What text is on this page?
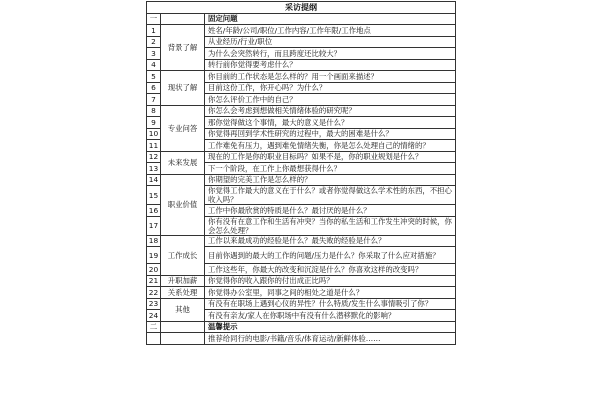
采访提纲		
一		固定问题
1	背景了解	姓名/年龄/公司/职位/工作内容/工作年限/工作地点
2		从业经历/行业/职位
3		为什么会突然转行，而且跨度还比较大？
4		转行前你觉得要考虑什么？
5	现状了解	你目前的工作状态是怎么样的？用一个画面来描述？
6		目前这份工作，你开心吗？为什么？
7		你怎么评价工作中的自己？
8	专业问答	你怎么会考虑到想做相关情绪体验的研究呢？
9		那你觉得做这个事情，最大的意义是什么？
10		你觉得再回到学术性研究的过程中，最大的困难是什么？
11		工作难免有压力，遇到难免情绪失衡，你是怎么处理自己的情绪的？
12	未来发展	现在的工作是你的职业目标吗？如果不是，你的职业规划是什么？
13		下一个阶段，在工作上你最想获得什么？
14	职业价值	你期望的完美工作是怎么样的？
15		你觉得工作最大的意义在于什么？或者你觉得做这么学术性的东西，不担心收入吗？
16		工作中你最欣赏的特质是什么？最讨厌的是什么？
17		你有没有在意工作和生活有冲突？当你的私生活和工作发生冲突的时候，你会怎么处理？
18	工作成长	工作以来最成功的经验是什么？最失败的经验是什么？
19		目前你遇到的最大的工作的问题/压力是什么？你采取了什么应对措施？
20		工作这些年，你最大的改变和沉淀是什么？你喜欢这样的改变吗？
21	升职加薪	你觉得你的收入跟你的付出成正比吗？
22	关系处理	你觉得办公室里，同事之间的相处之道是什么？
23	其他	有没有在职场上遇到心仪的异性？什么特质/发生什么事情吸引了你？
24		有没有亲友/家人在你职场中有没有什么潜移默化的影响？
二		温馨提示
		推荐给同行的电影/书籍/音乐/体育运动/新鲜体验……
